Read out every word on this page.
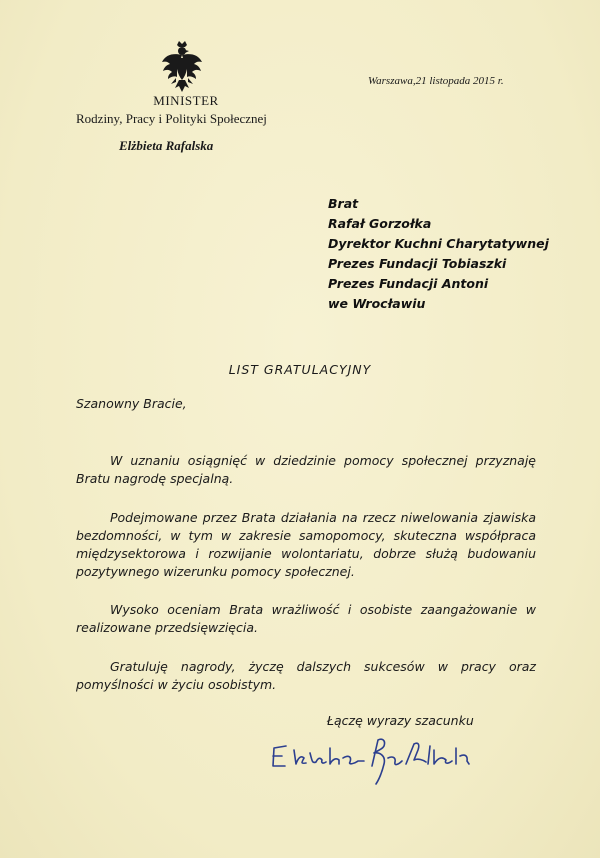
MINISTER
Rodziny, Pracy i Polityki Społecznej
Elżbieta Rafalska
Warszawa,21 listopada 2015 r.
Brat
Rafał Gorzołka
Dyrektor Kuchni Charytatywnej
Prezes Fundacji Tobiaszki
Prezes Fundacji Antoni
we Wrocławiu
LIST GRATULACYJNY
Szanowny Bracie,
W uznaniu osiągnięć w dziedzinie pomocy społecznej przyznaję Bratu nagrodę specjalną.
Podejmowane przez Brata działania na rzecz niwelowania zjawiska bezdomności, w tym w zakresie samopomocy, skuteczna współpraca międzysektorowa i rozwijanie wolontariatu, dobrze służą budowaniu pozytywnego wizerunku pomocy społecznej.
Wysoko oceniam Brata wrażliwość i osobiste zaangażowanie w realizowane przedsięwzięcia.
Gratuluję nagrody, życzę dalszych sukcesów w pracy oraz pomyślności w życiu osobistym.
Łączę wyrazy szacunku
